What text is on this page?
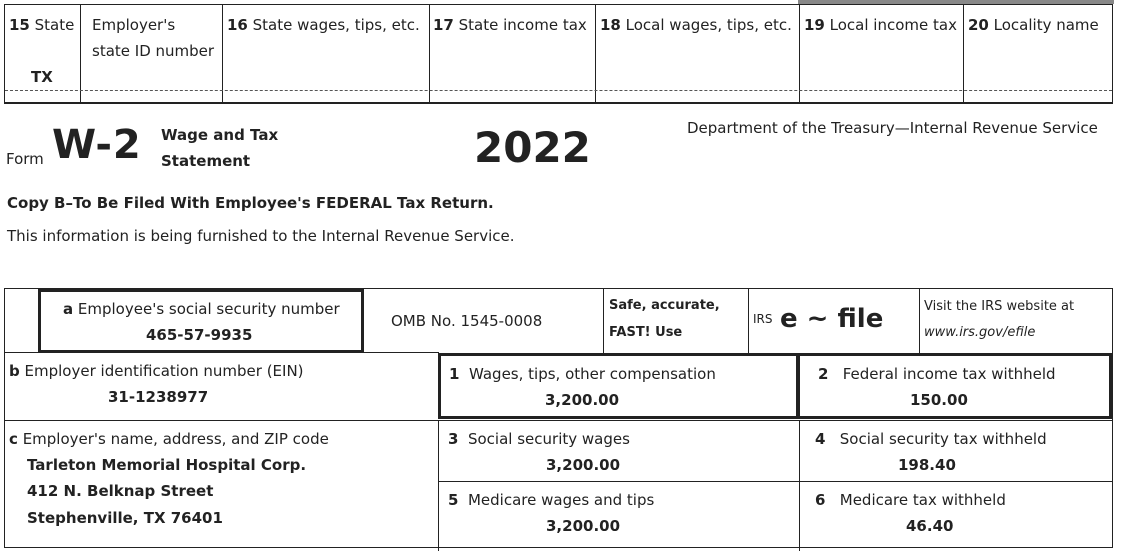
15 State
TX
Employer's
state ID number
16 State wages, tips, etc. 17 State income tax 18 Local wages, tips, etc. 19 Local income tax 20 Locality name
Form W-2 Wage and Tax
Statement	2022	Department of the Treasury—Internal Revenue Service
Copy B–To Be Filed With Employee's FEDERAL Tax Return.
This information is being furnished to the Internal Revenue Service.
a Employee's social security number
465-57-9935
OMB No. 1545-0008
Safe, accurate,
FAST! Use
IRS e ~ file	Visit the IRS website at
www.irs.gov/efile
b Employer identification number (EIN)
31-1238977
1 Wages, tips, other compensation
3,200.00
2 Federal income tax withheld
150.00
c Employer's name, address, and ZIP code
Tarleton Memorial Hospital Corp.
412 N. Belknap Street
Stephenville, TX 76401
3 Social security wages
3,200.00
4 Social security tax withheld
198.40
5 Medicare wages and tips
3,200.00
6 Medicare tax withheld
46.40
